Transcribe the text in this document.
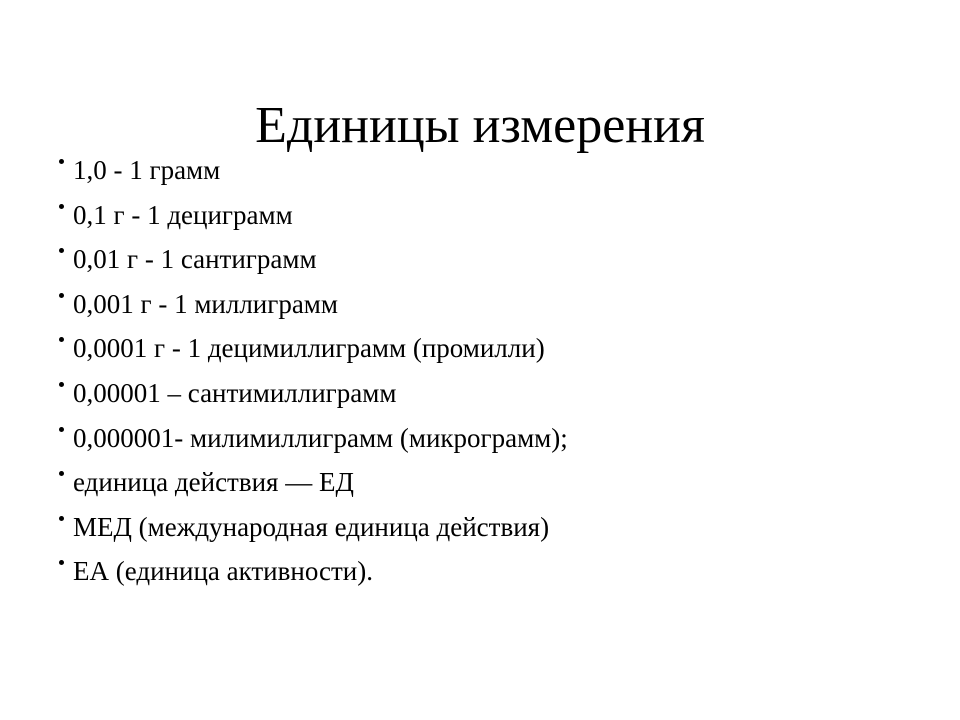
Единицы измерения
1,0 - 1 грамм
0,1 г - 1 дециграмм
0,01 г - 1 сантиграмм
0,001 г - 1 миллиграмм
0,0001 г - 1 децимиллиграмм (промилли)
0,00001 – сантимиллиграмм
0,000001- милимиллиграмм (микрограмм);
единица действия — ЕД
МЕД (международная единица действия)
ЕА (единица активности).
